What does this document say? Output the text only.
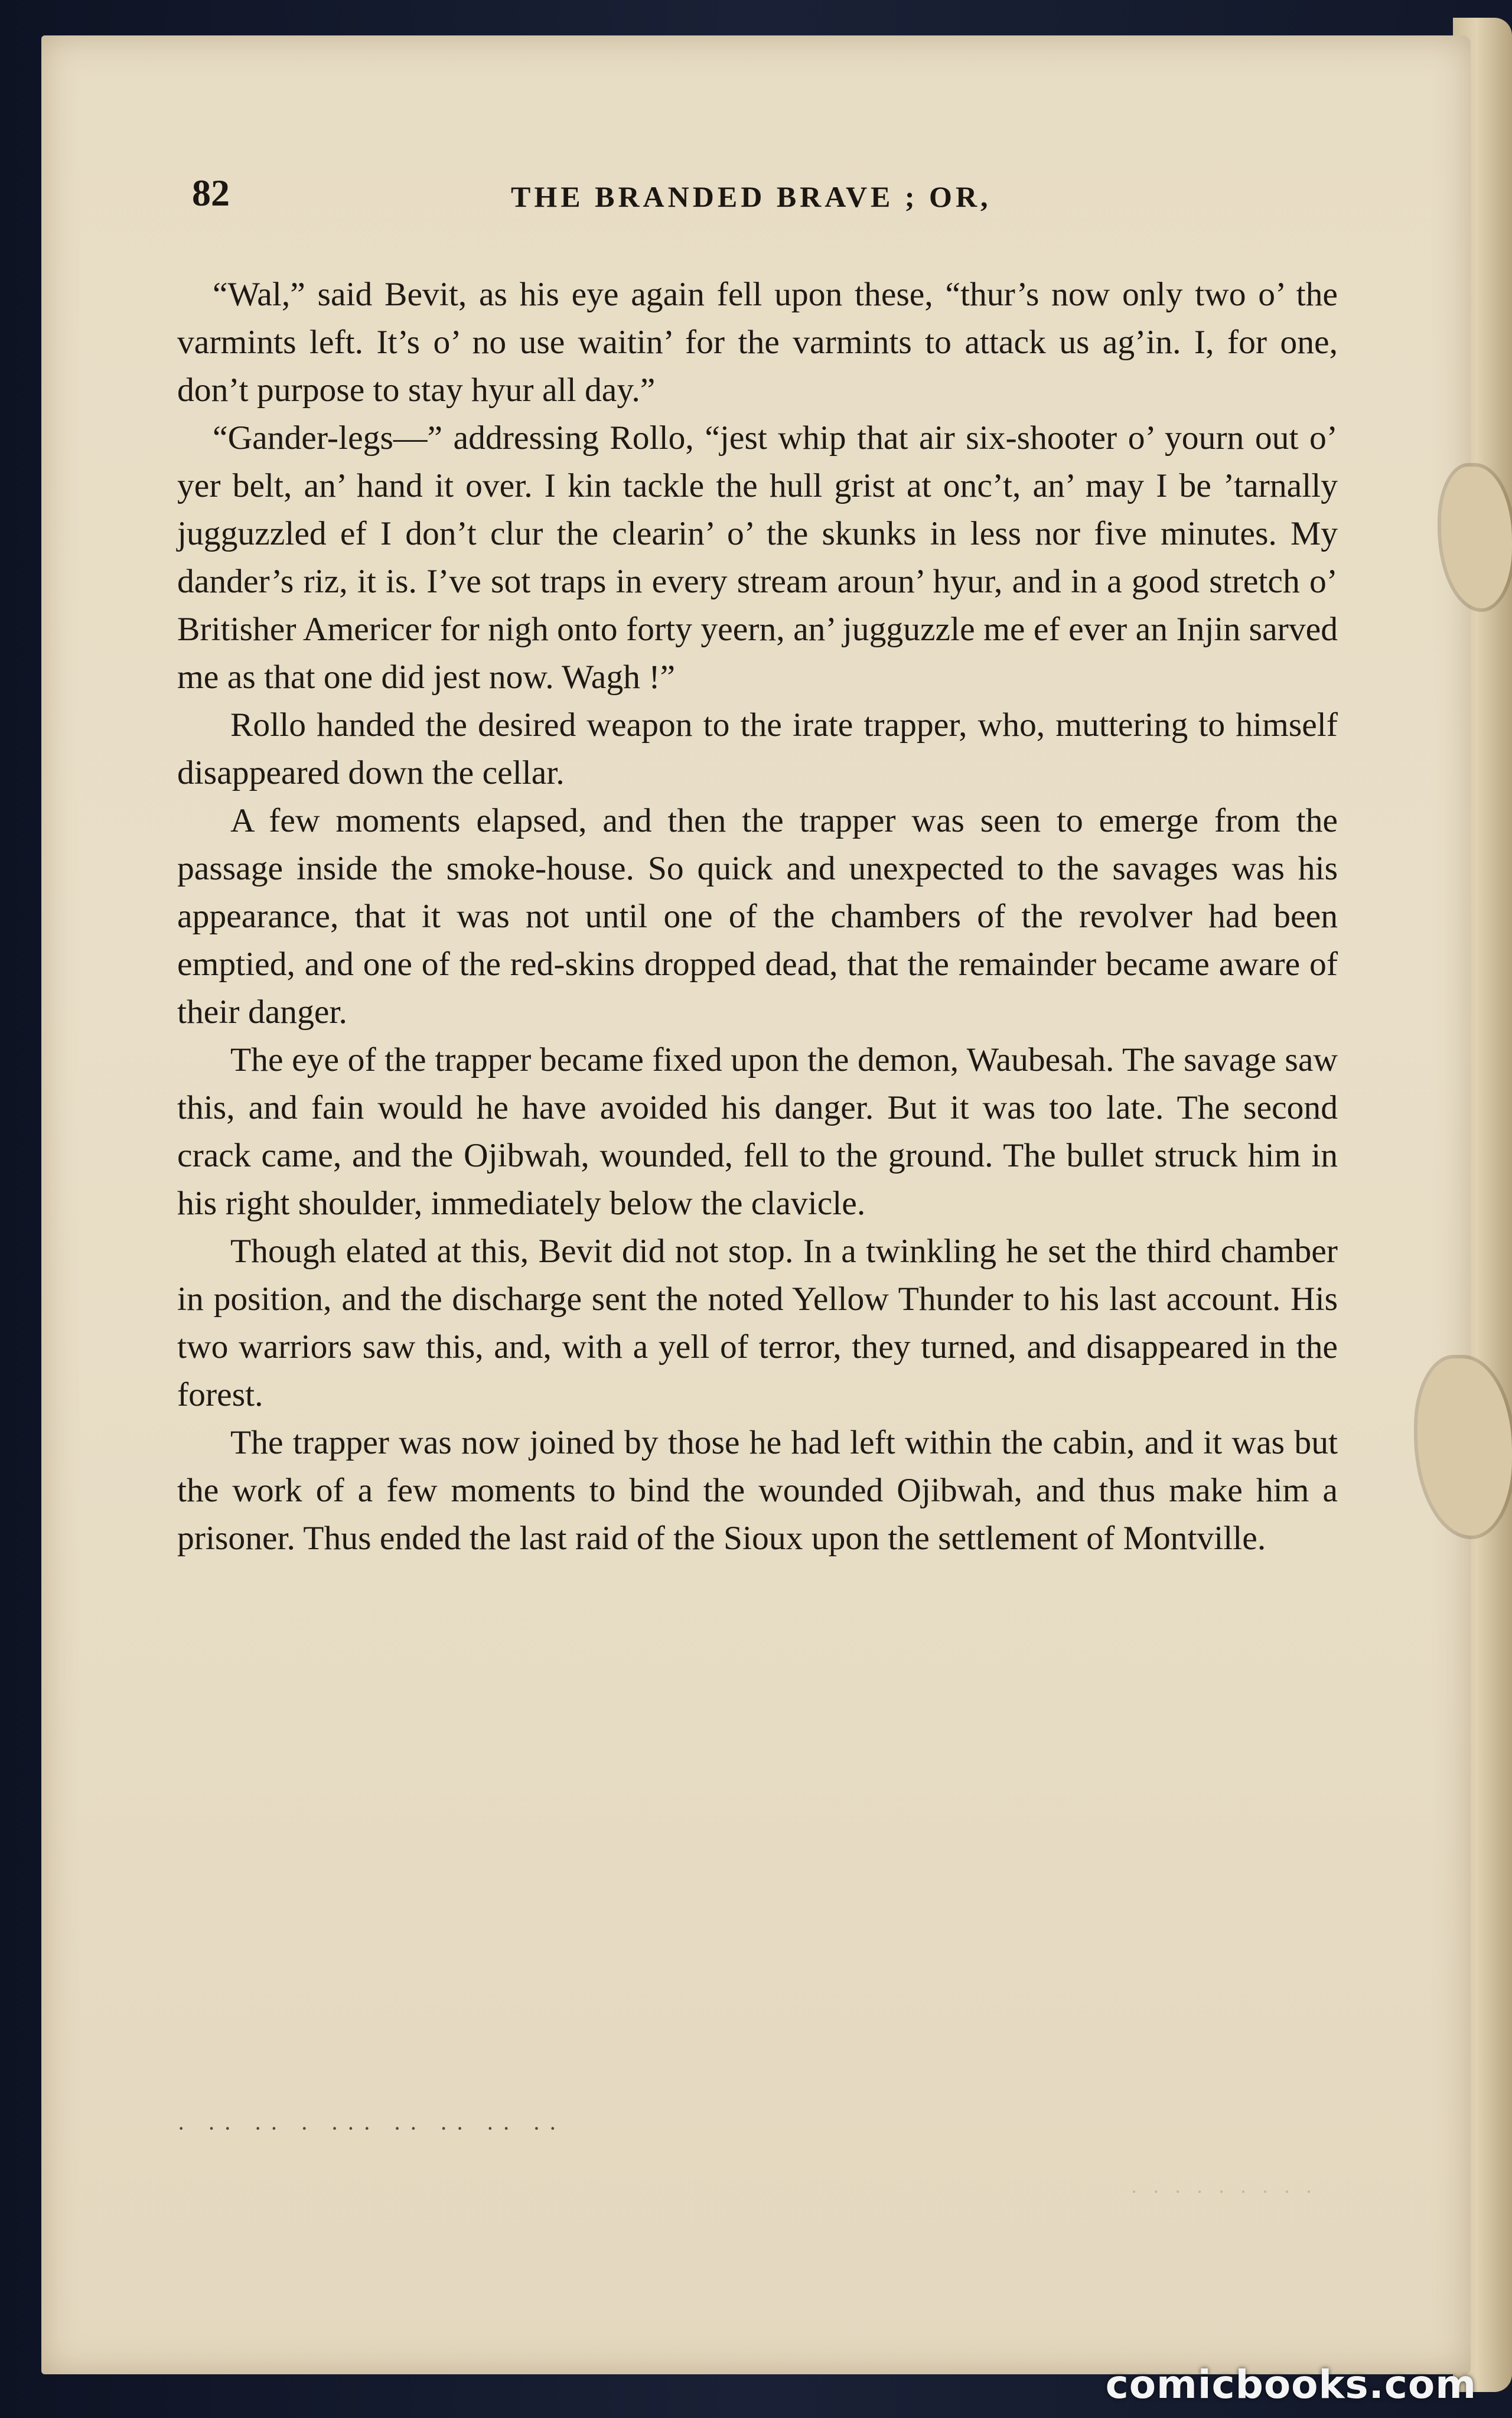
82	THE BRANDED BRAVE ; OR,

“Wal,” said Bevit, as his eye again fell upon these, “thur’s now only two o’ the varmints left. It’s o’ no use waitin’ for the varmints to attack us ag’in. I, for one, don’t purpose to stay hyur all day.”

“Gander-legs—” addressing Rollo, “jest whip that air six-shooter o’ yourn out o’ yer belt, an’ hand it over. I kin tackle the hull grist at onc’t, an’ may I be ’tarnally jugguzzled ef I don’t clur the clearin’ o’ the skunks in less nor five minutes. My dander’s riz, it is. I’ve sot traps in every stream aroun’ hyur, and in a good stretch o’ Britisher Americer for nigh onto forty yeern, an’ jugguzzle me ef ever an Injin sarved me as that one did jest now. Wagh !”

Rollo handed the desired weapon to the irate trapper, who, muttering to himself disappeared down the cellar.

A few moments elapsed, and then the trapper was seen to emerge from the passage inside the smoke-house. So quick and unexpected to the savages was his appearance, that it was not until one of the chambers of the revolver had been emptied, and one of the red-skins dropped dead, that the remainder became aware of their danger.

The eye of the trapper became fixed upon the demon, Waubesah. The savage saw this, and fain would he have avoided his danger. But it was too late. The second crack came, and the Ojibwah, wounded, fell to the ground. The bullet struck him in his right shoulder, immediately below the clavicle.

Though elated at this, Bevit did not stop. In a twinkling he set the third chamber in position, and the discharge sent the noted Yellow Thunder to his last account. His two warriors saw this, and, with a yell of terror, they turned, and disappeared in the forest.

The trapper was now joined by those he had left within the cabin, and it was but the work of a few moments to bind the wounded Ojibwah, and thus make him a prisoner. Thus ended the last raid of the Sioux upon the settlement of Montville.

· ·· ·· · ··· ·· ·· ·· ··
· · · · · · · · ·
comicbooks.com
